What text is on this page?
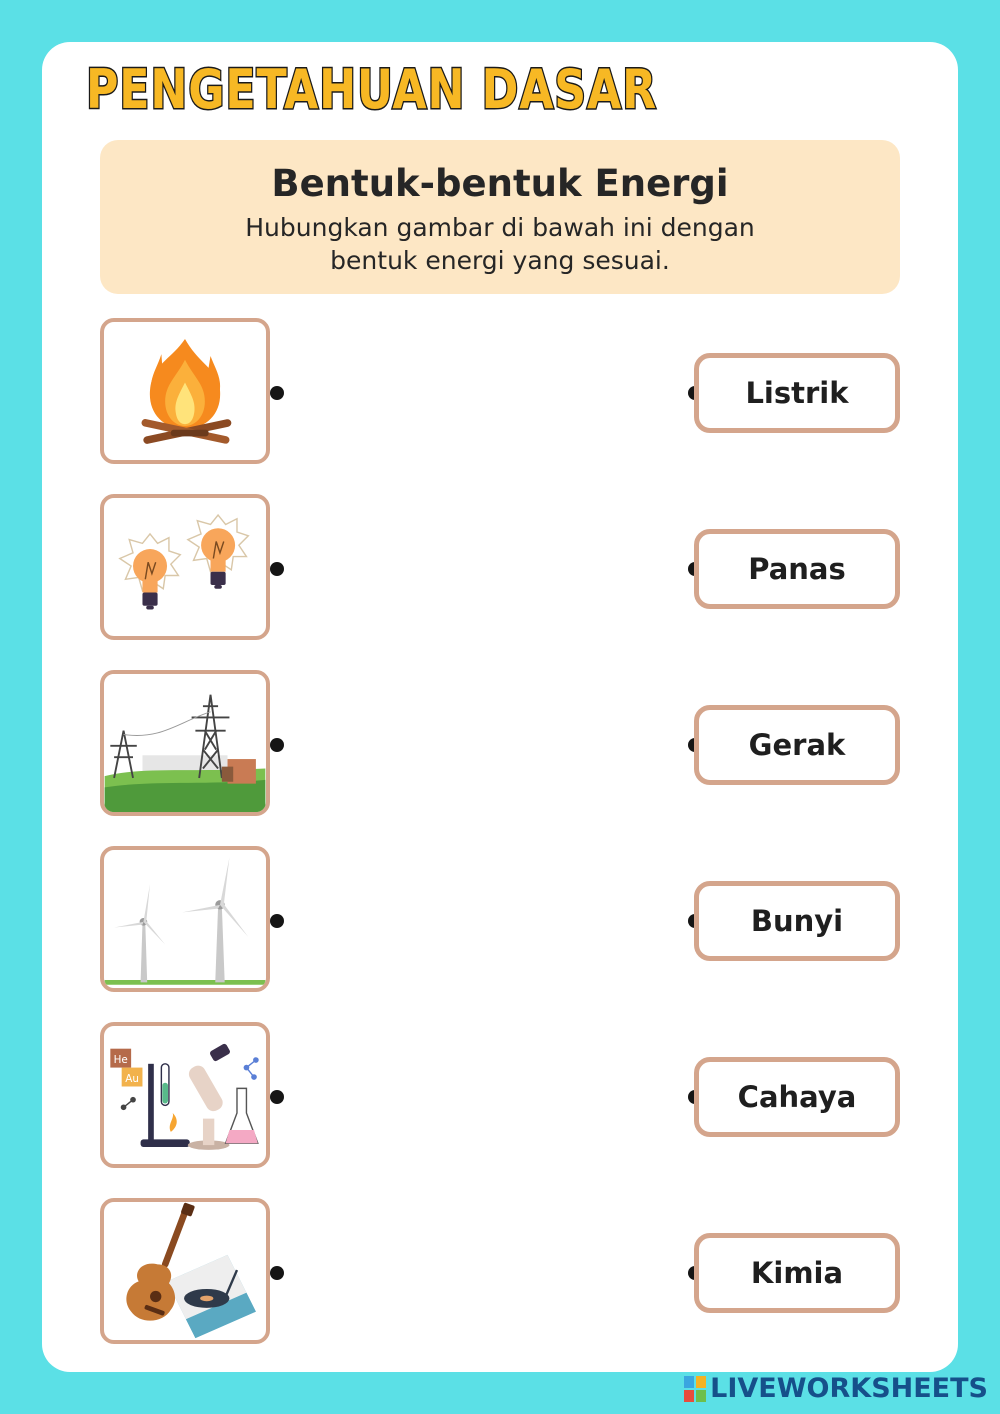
PENGETAHUAN DASAR
Bentuk-bentuk Energi
Hubungkan gambar di bawah ini dengan
bentuk energi yang sesuai.
He
Au
Listrik
Panas
Gerak
Bunyi
Cahaya
Kimia
LIVEWORKSHEETS
